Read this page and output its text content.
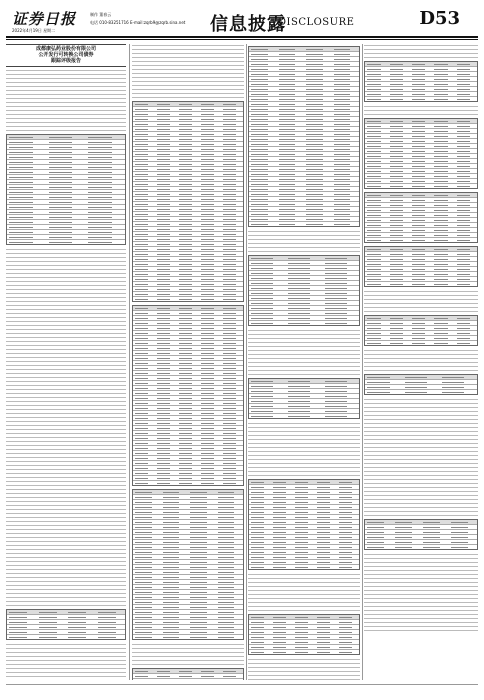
证券日报
2022年4月19日 星期二
制作 董春云
电话 010-83251716 E-mail:zqrb9@zqrb.sina.net 信息披露
DISCLOSURE	D53
成都康弘药业股份有限公司
公开发行可转换公司债券
跟踪评级报告
